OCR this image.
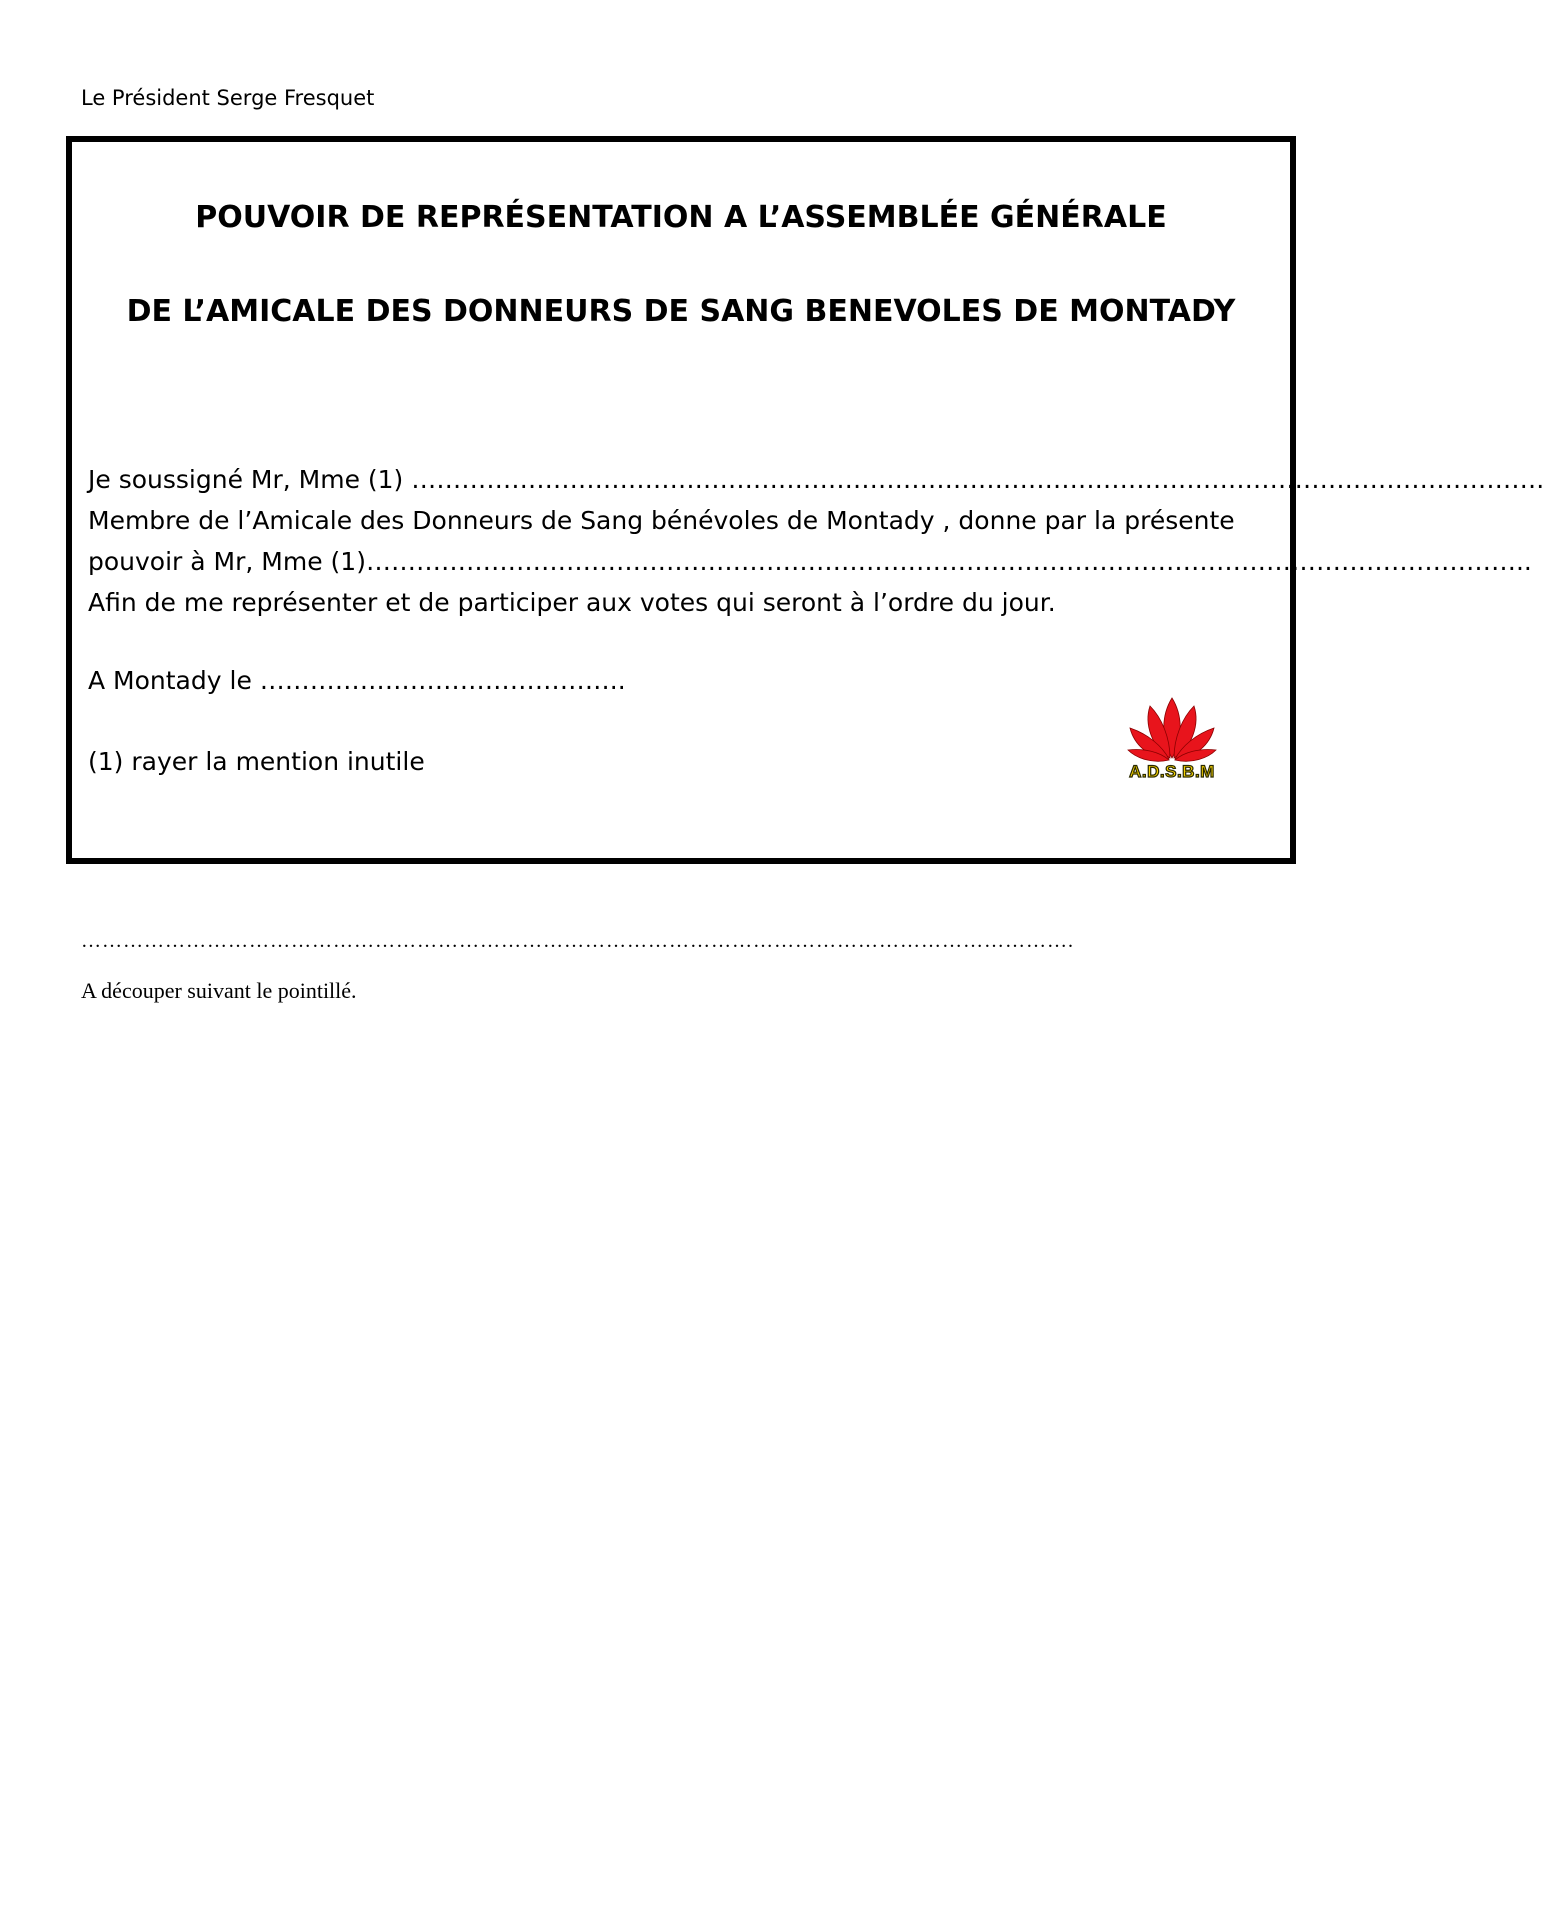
Le Président Serge Fresquet
POUVOIR DE REPRÉSENTATION A L’ASSEMBLÉE GÉNÉRALE
DE L’AMICALE DES DONNEURS DE SANG BENEVOLES DE MONTADY
Je soussigné Mr, Mme (1) ……………………………………………………………………………………………………………………….
Membre de l’Amicale des Donneurs de Sang bénévoles de Montady , donne par la présente
pouvoir à Mr, Mme (1)…………………………………………………………………………………………………………………………..
Afin de me représenter et de participer aux votes qui seront à l’ordre du jour.
A Montady le ……………………………………..
(1) rayer la mention inutile	A.D.S.B.M
…………………………………………………………………………………………………………………………….
A découper suivant le pointillé.
